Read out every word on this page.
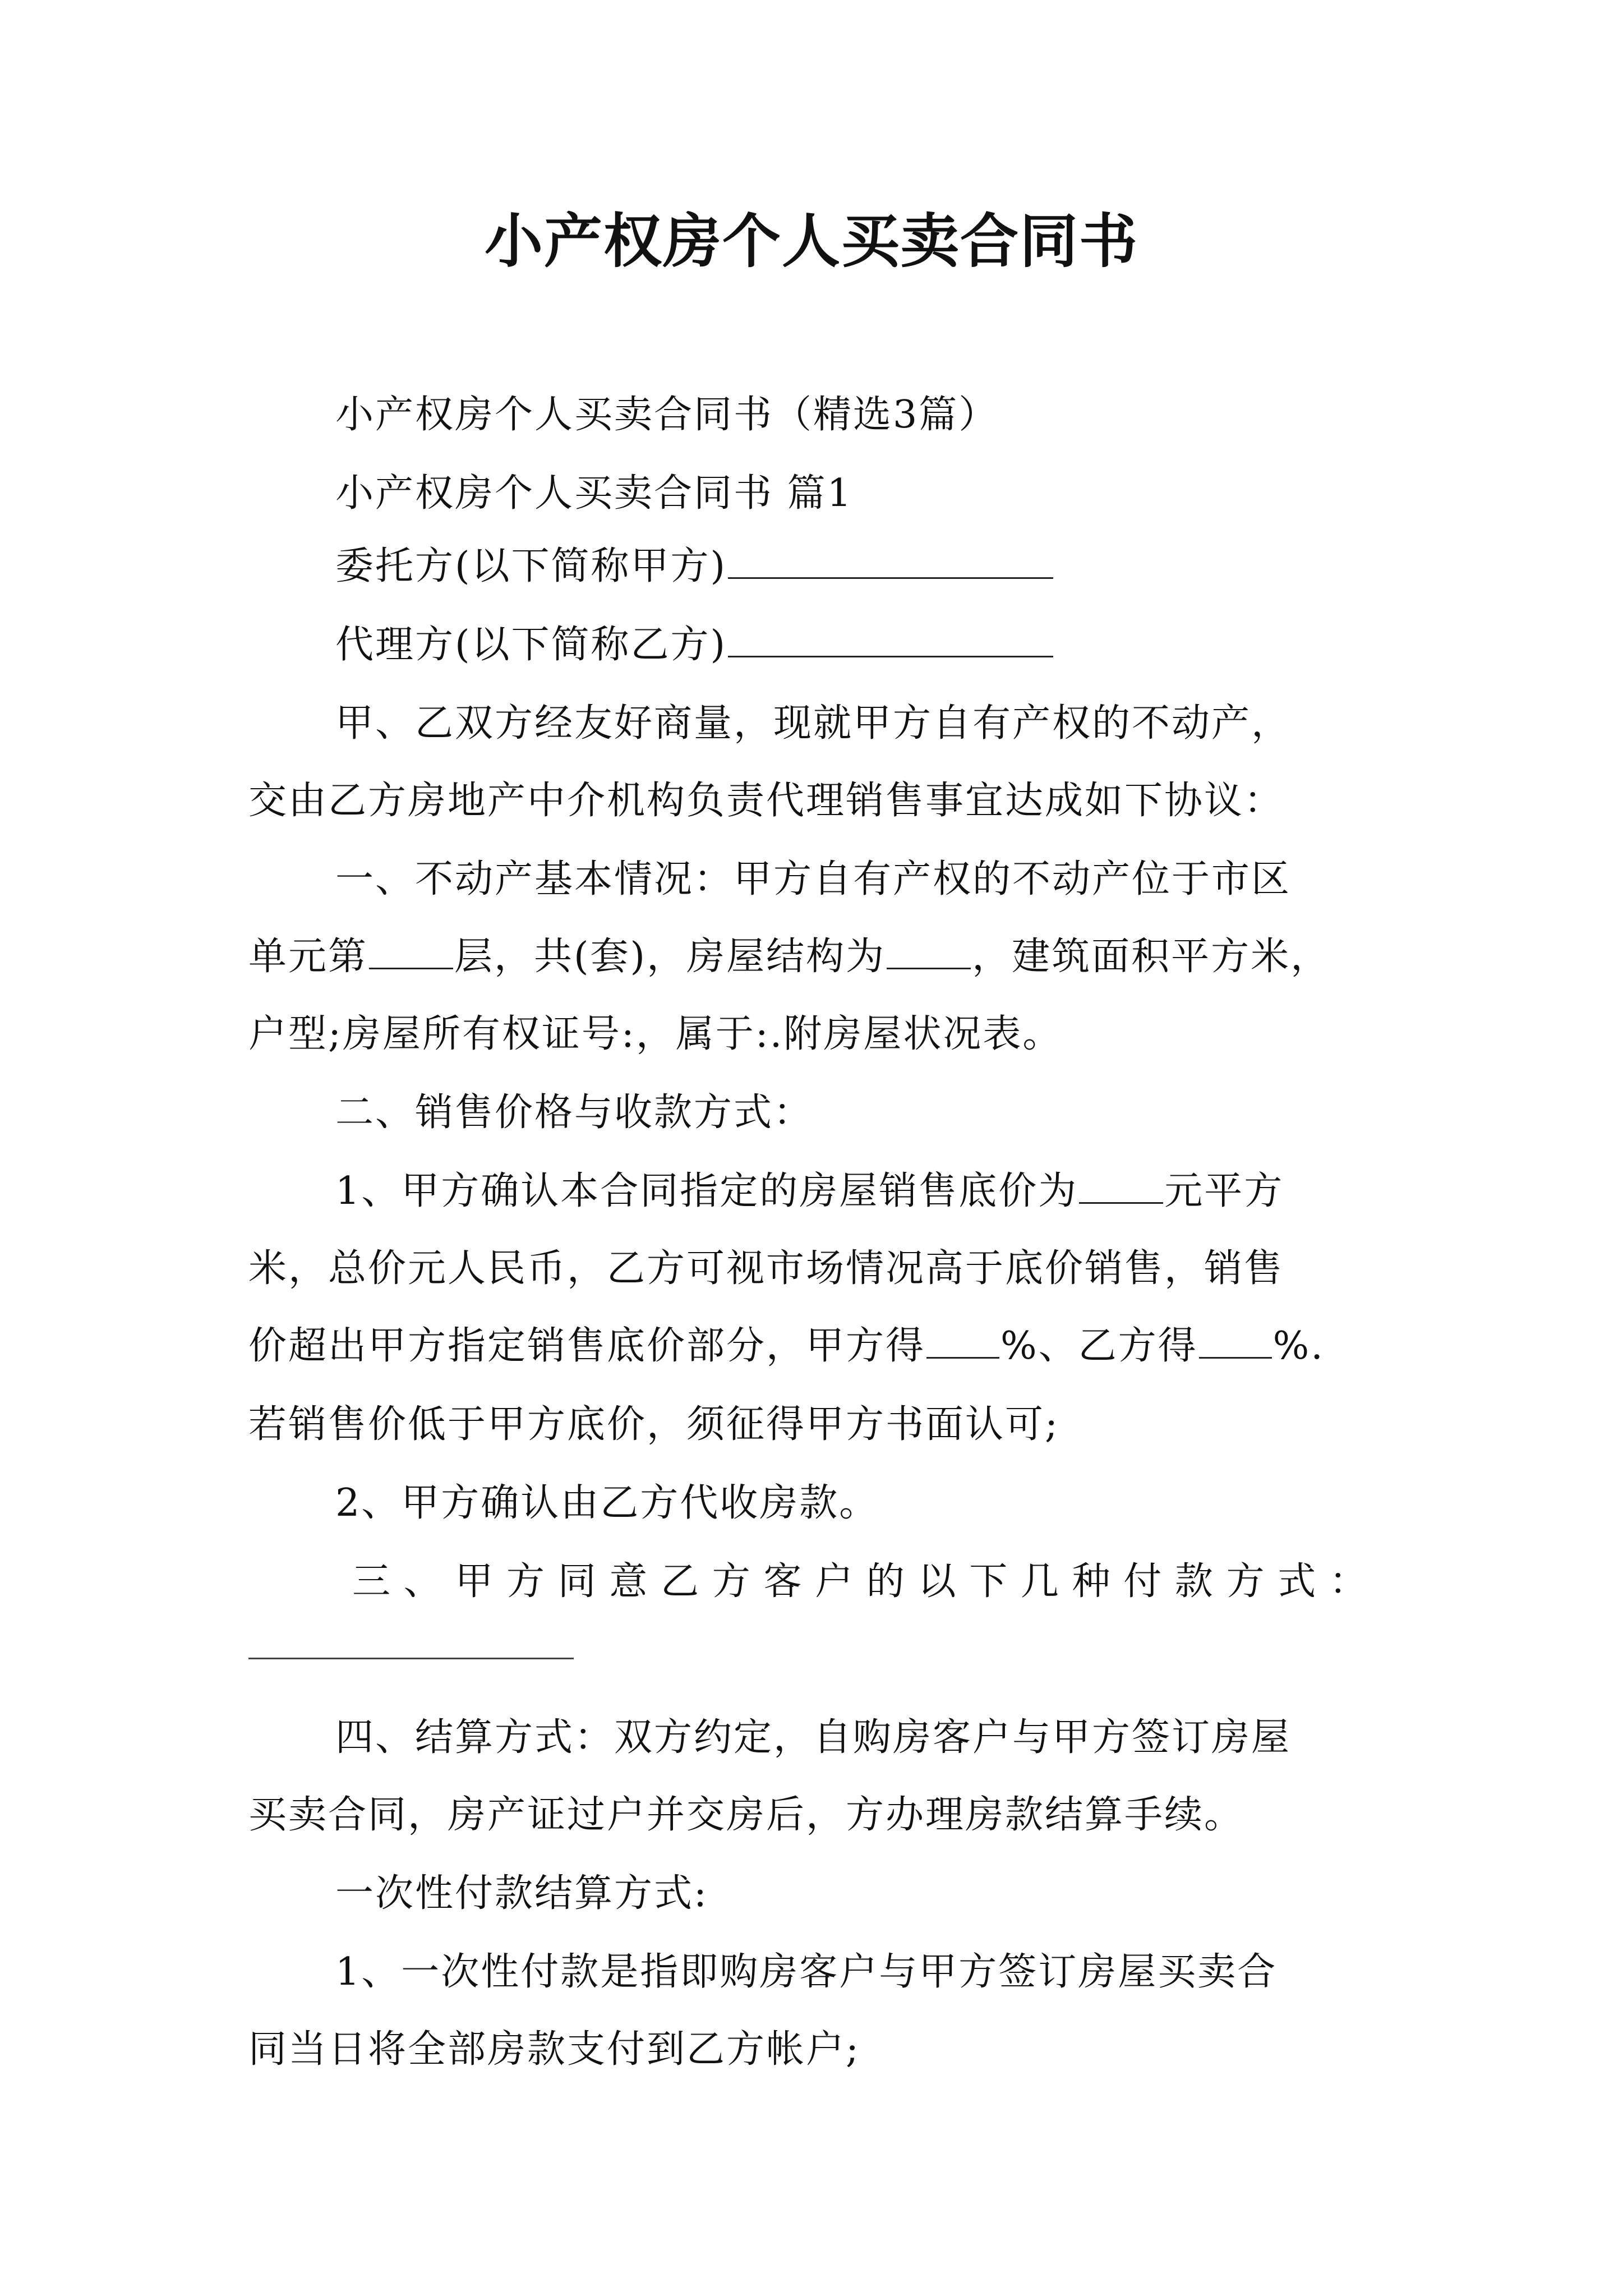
小产权房个人买卖合同书
小产权房个人买卖合同书（精选3篇）
小产权房个人买卖合同书 篇1
委托方(以下简称甲方)
代理方(以下简称乙方)
甲、乙双方经友好商量，现就甲方自有产权的不动产，
交由乙方房地产中介机构负责代理销售事宜达成如下协议：
一、不动产基本情况：甲方自有产权的不动产位于市区
单元第 层，共(套)，房屋结构为 ，建筑面积平方米，
户型;房屋所有权证号:，属于:.附房屋状况表。
二、销售价格与收款方式：
1、甲方确认本合同指定的房屋销售底价为 元平方
米，总价元人民币，乙方可视市场情况高于底价销售，销售
价超出甲方指定销售底价部分，甲方得 %、乙方得 %.
若销售价低于甲方底价，须征得甲方书面认可;
2、甲方确认由乙方代收房款。
三、甲方同意乙方客户的以下几种付款方式：
四、结算方式：双方约定，自购房客户与甲方签订房屋
买卖合同，房产证过户并交房后，方办理房款结算手续。
一次性付款结算方式:
1、一次性付款是指即购房客户与甲方签订房屋买卖合
同当日将全部房款支付到乙方帐户;
